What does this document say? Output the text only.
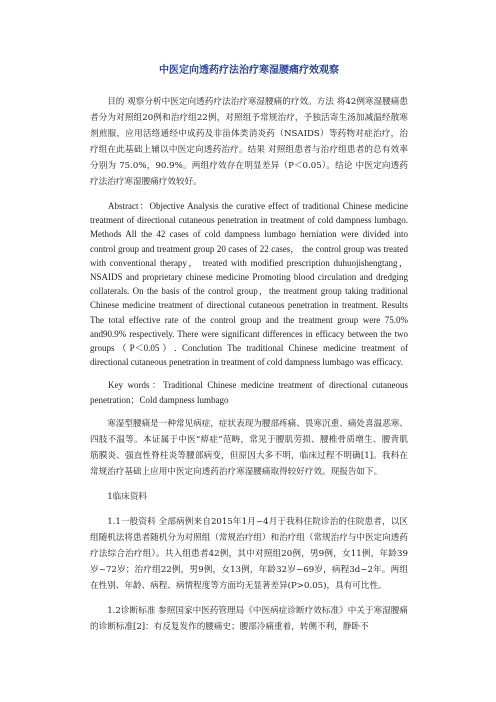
中医定向透药疗法治疗寒湿腰痛疗效观察

目的 观察分析中医定向透药疗法治疗寒湿腰痛的疗效。方法 将42例寒湿腰痛患者分为对照组20例和治疗组22例，对照组予常规治疗，予独活寄生汤加减温经散寒剂煎服，应用活络通经中成药及非甾体类消炎药（NSAIDS）等药物对症治疗，治疗组在此基础上辅以中医定向透药治疗。结果 对照组患者与治疗组患者的总有效率分别为 75.0%，90.9%。两组疗效存在明显差异（P＜0.05）。结论 中医定向透药疗法治疗寒湿腰痛疗效较好。

Abstract：Objective Analysis the curative effect of traditional Chinese medicine treatment of directional cutaneous penetration in treatment of cold dampness lumbago. Methods All the 42 cases of cold dampness lumbago herniation were divided into control group and treatment group 20 cases of 22 cases， the control group was treated with conventional therapy， treated with modified prescription duhuojishengtang， NSAIDS and proprietary chinese medicine Promoting blood circulation and dredging collaterals. On the basis of the control group，the treatment group taking traditional Chinese medicine treatment of directional cutaneous penetration in treatment. Results The total effective rate of the control group and the treatment group were 75.0% and90.9% respectively. There were significant differences in efficacy between the two groups（P＜0.05）. Conclution The traditional Chinese medicine treatment of directional cutaneous penetration in treatment of cold dampness lumbago was efficacy.

Key words：Traditional Chinese medicine treatment of directional cutaneous penetration；Cold dampness lumbago

寒湿型腰痛是一种常见病症，症状表现为腰部疼痛、畏寒沉重、痛处喜温恶寒、四肢不温等。本证属于中医“痹症”范畴，常见于腰肌劳损、腰椎骨质增生、腰背肌筋膜炎、强直性脊柱炎等腰部病变，但原因大多不明，临床过程不明确[1]。我科在常规治疗基础上应用中医定向透药治疗寒湿腰痛取得较好疗效。现报告如下。

1临床资料

1.1一般资料 全部病例来自2015年1月~4月于我科住院诊治的住院患者，以区组随机法将患者随机分为对照组（常规治疗组）和治疗组（常规治疗与中医定向透药疗法综合治疗组）。共入组患者42例，其中对照组20例，男9例，女11例，年龄39岁~72岁；治疗组22例，男9例，女13例，年龄32岁~69岁，病程3d~2年。两组在性别、年龄、病程、病情程度等方面均无显著差异(P>0.05)，具有可比性。

1.2诊断标准 参照国家中医药管理局《中医病症诊断疗效标准》中关于寒湿腰痛的诊断标准[2]：有反复发作的腰痛史；腰部冷痛重着，转侧不利，静卧不
